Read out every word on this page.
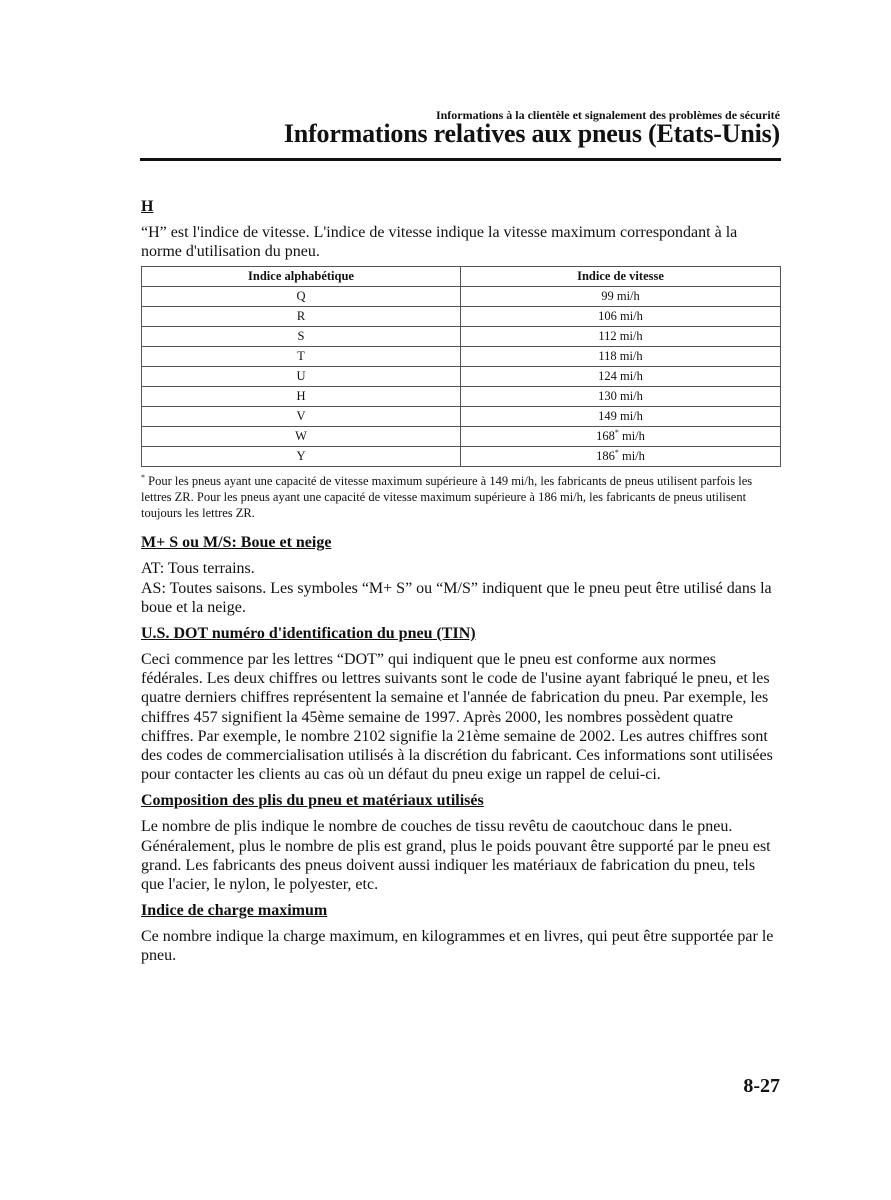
Informations à la clientèle et signalement des problèmes de sécurité
Informations relatives aux pneus (Etats-Unis)

H

“H” est l'indice de vitesse. L'indice de vitesse indique la vitesse maximum correspondant à la norme d'utilisation du pneu.

Indice alphabétique	Indice de vitesse
Q	99 mi/h
R	106 mi/h
S	112 mi/h
T	118 mi/h
U	124 mi/h
H	130 mi/h
V	149 mi/h
W	168* mi/h
Y	186* mi/h
* Pour les pneus ayant une capacité de vitesse maximum supérieure à 149 mi/h, les fabricants de pneus utilisent parfois les lettres ZR. Pour les pneus ayant une capacité de vitesse maximum supérieure à 186 mi/h, les fabricants de pneus utilisent toujours les lettres ZR.

M+ S ou M/S: Boue et neige

AT: Tous terrains.

AS: Toutes saisons. Les symboles “M+ S” ou “M/S” indiquent que le pneu peut être utilisé dans la boue et la neige.

U.S. DOT numéro d'identification du pneu (TIN)

Ceci commence par les lettres “DOT” qui indiquent que le pneu est conforme aux normes fédérales. Les deux chiffres ou lettres suivants sont le code de l'usine ayant fabriqué le pneu, et les quatre derniers chiffres représentent la semaine et l'année de fabrication du pneu. Par exemple, les chiffres 457 signifient la 45ème semaine de 1997. Après 2000, les nombres possèdent quatre chiffres. Par exemple, le nombre 2102 signifie la 21ème semaine de 2002. Les autres chiffres sont des codes de commercialisation utilisés à la discrétion du fabricant. Ces informations sont utilisées pour contacter les clients au cas où un défaut du pneu exige un rappel de celui-ci.

Composition des plis du pneu et matériaux utilisés

Le nombre de plis indique le nombre de couches de tissu revêtu de caoutchouc dans le pneu. Généralement, plus le nombre de plis est grand, plus le poids pouvant être supporté par le pneu est grand. Les fabricants des pneus doivent aussi indiquer les matériaux de fabrication du pneu, tels que l'acier, le nylon, le polyester, etc.

Indice de charge maximum

Ce nombre indique la charge maximum, en kilogrammes et en livres, qui peut être supportée par le pneu.

8-27
